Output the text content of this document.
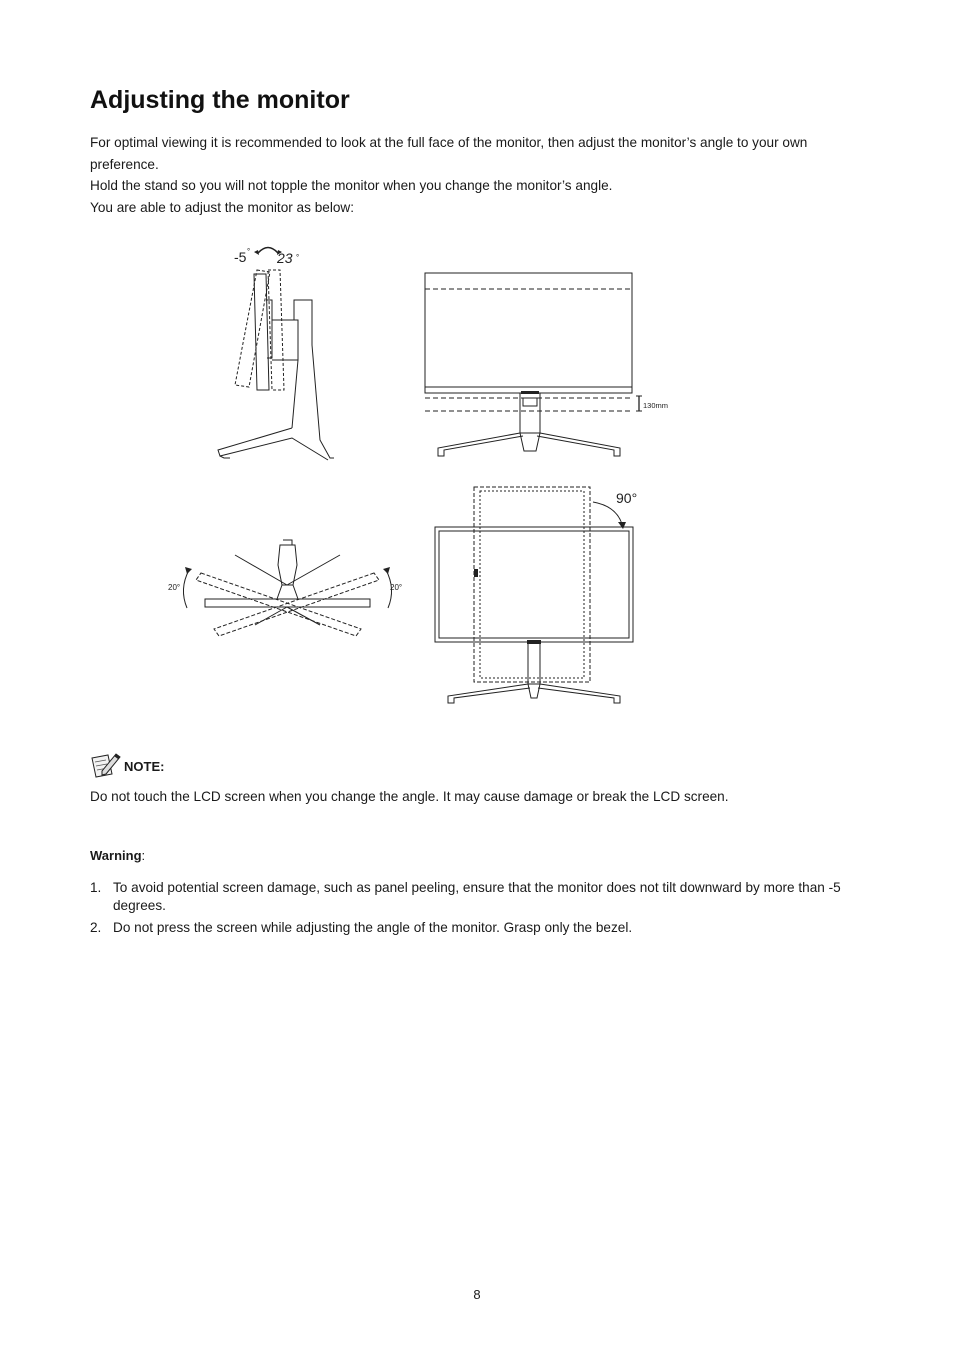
Adjusting the monitor

For optimal viewing it is recommended to look at the full face of the monitor, then adjust the monitor’s angle to your own preference.

Hold the stand so you will not topple the monitor when you change the monitor’s angle.

You are able to adjust the monitor as below:

-5 ° 23 °
130mm
20°	20°
90°
NOTE:
Do not touch the LCD screen when you change the angle. It may cause damage or break the LCD screen.
Warning:
1. To avoid potential screen damage, such as panel peeling, ensure that the monitor does not tilt downward by more than -5 degrees.
2. Do not press the screen while adjusting the angle of the monitor. Grasp only the bezel.
8
